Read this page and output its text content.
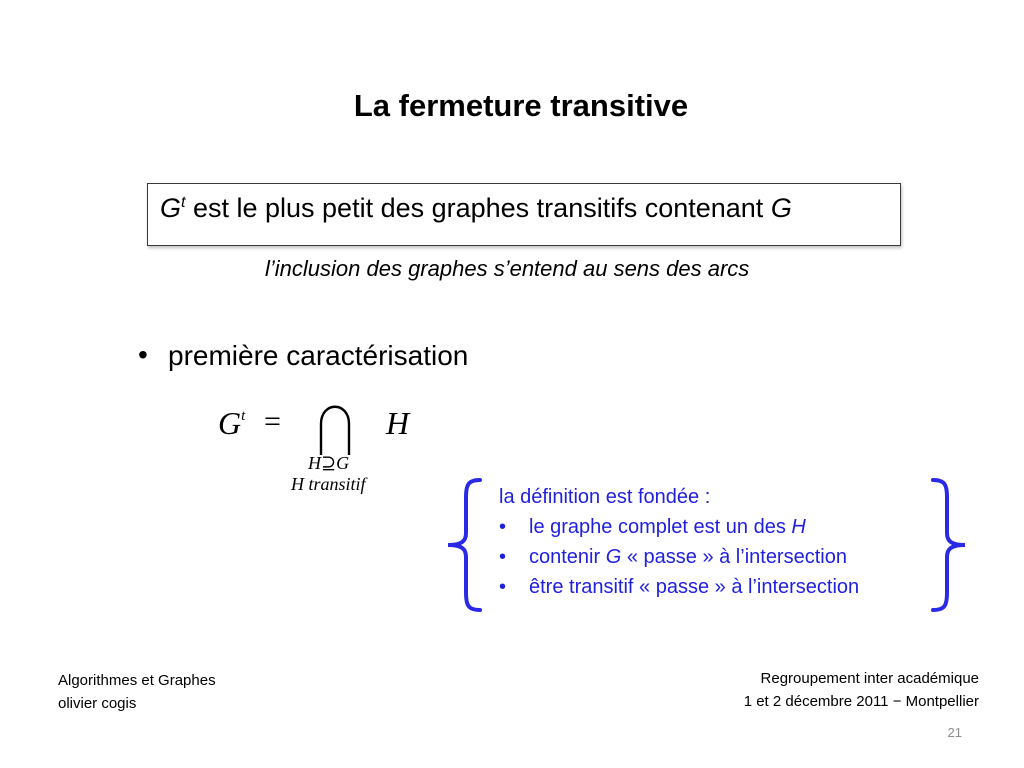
La fermeture transitive
$G^t$ est le plus petit des graphes transitifs contenant G
l’inclusion des graphes s’entend au sens des arcs
• première caractérisation
$G^t$ =	H
H⊇G
H transitif
la définition est fondée :
• le graphe complet est un des H
• contenir G « passe » à l’intersection
• être transitif « passe » à l’intersection
Algorithmes et Graphes
olivier cogis
Regroupement inter académique
1 et 2 décembre 2011 − Montpellier
21
